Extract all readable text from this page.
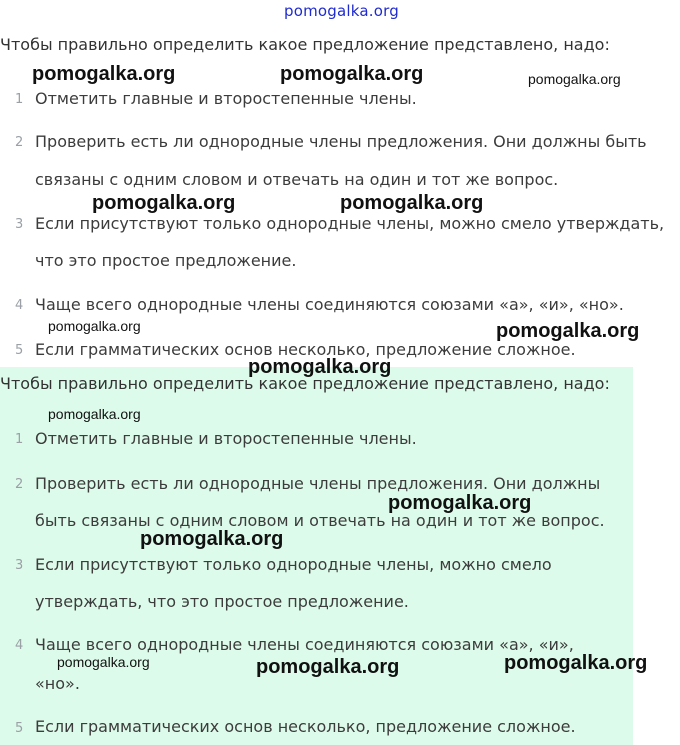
pomogalka.org
Чтобы правильно определить какое предложение представлено, надо:
1 Отметить главные и второстепенные члены.
2 Проверить есть ли однородные члены предложения. Они должны быть
связаны с одним словом и отвечать на один и тот же вопрос.
3 Если присутствуют только однородные члены, можно смело утверждать,
что это простое предложение.
4 Чаще всего однородные члены соединяются союзами «а», «и», «но».
5 Если грамматических основ несколько, предложение сложное.
Чтобы правильно определить какое предложение представлено, надо:
1 Отметить главные и второстепенные члены.
2 Проверить есть ли однородные члены предложения. Они должны
быть связаны с одним словом и отвечать на один и тот же вопрос.
3 Если присутствуют только однородные члены, можно смело
утверждать, что это простое предложение.
4 Чаще всего однородные члены соединяются союзами «а», «и»,
«но».
5 Если грамматических основ несколько, предложение сложное.
pomogalka.org	pomogalka.org	pomogalka.org
pomogalka.org	pomogalka.org
pomogalka.org	pomogalka.org
pomogalka.org
pomogalka.org
pomogalka.org
pomogalka.org
pomogalka.org	pomogalka.org	pomogalka.org
